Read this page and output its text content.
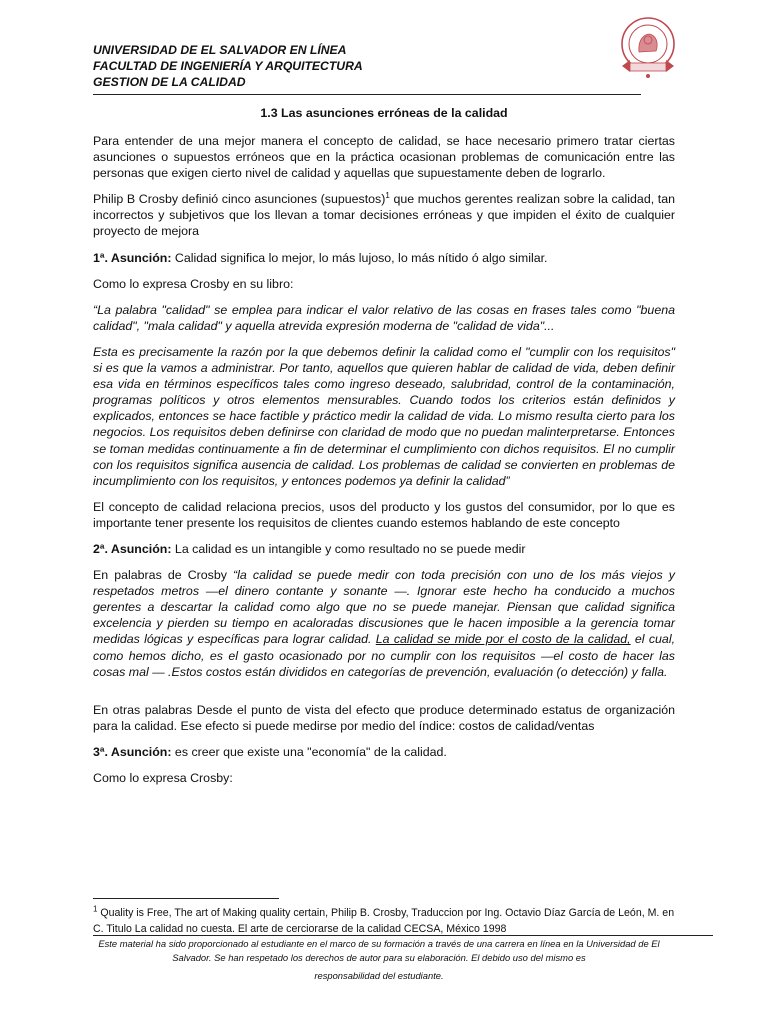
UNIVERSIDAD DE EL SALVADOR EN LÍNEA
FACULTAD DE INGENIERÍA Y ARQUITECTURA
GESTION DE LA CALIDAD
1.3 Las asunciones erróneas de la calidad

Para entender de una mejor manera el concepto de calidad, se hace necesario primero tratar ciertas asunciones o supuestos erróneos que en la práctica ocasionan problemas de comunicación entre las personas que exigen cierto nivel de calidad y aquellas que supuestamente deben de lograrlo.

Philip B Crosby definió cinco asunciones (supuestos)$^1$ que muchos gerentes realizan sobre la calidad, tan incorrectos y subjetivos que los llevan a tomar decisiones erróneas y que impiden el éxito de cualquier proyecto de mejora

1ª. Asunción: Calidad significa lo mejor, lo más lujoso, lo más nítido ó algo similar.

Como lo expresa Crosby en su libro:

“La palabra "calidad" se emplea para indicar el valor relativo de las cosas en frases tales como "buena calidad", "mala calidad" y aquella atrevida expresión moderna de "calidad de vida"...

Esta es precisamente la razón por la que debemos definir la calidad como el "cumplir con los requisitos" si es que la vamos a administrar. Por tanto, aquellos que quieren hablar de calidad de vida, deben definir esa vida en términos específicos tales como ingreso deseado, salubridad, control de la contaminación, programas políticos y otros elementos mensurables. Cuando todos los criterios están definidos y explicados, entonces se hace factible y práctico medir la calidad de vida. Lo mismo resulta cierto para los negocios. Los requisitos deben definirse con claridad de modo que no puedan malinterpretarse. Entonces se toman medidas continuamente a fin de determinar el cumplimiento con dichos requisitos. El no cumplir con los requisitos significa ausencia de calidad. Los problemas de calidad se convierten en problemas de incumplimiento con los requisitos, y entonces podemos ya definir la calidad”

El concepto de calidad relaciona precios, usos del producto y los gustos del consumidor, por lo que es importante tener presente los requisitos de clientes cuando estemos hablando de este concepto

2ª. Asunción: La calidad es un intangible y como resultado no se puede medir

En palabras de Crosby “la calidad se puede medir con toda precisión con uno de los más viejos y respetados metros —el dinero contante y sonante —. Ignorar este hecho ha conducido a muchos gerentes a descartar la calidad como algo que no se puede manejar. Piensan que calidad significa excelencia y pierden su tiempo en acaloradas discusiones que le hacen imposible a la gerencia tomar medidas lógicas y específicas para lograr calidad. La calidad se mide por el costo de la calidad, el cual, como hemos dicho, es el gasto ocasionado por no cumplir con los requisitos —el costo de hacer las cosas mal — .Estos costos están divididos en categorías de prevención, evaluación (o detección) y falla.

En otras palabras Desde el punto de vista del efecto que produce determinado estatus de organización para la calidad. Ese efecto si puede medirse por medio del índice: costos de calidad/ventas

3ª. Asunción: es creer que existe una "economía" de la calidad.

Como lo expresa Crosby:

$^1$ Quality is Free, The art of Making quality certain, Philip B. Crosby, Traduccion por Ing. Octavio Díaz García de León, M. en C. Titulo La calidad no cuesta. El arte de cerciorarse de la calidad CECSA, México 1998
Este material ha sido proporcionado al estudiante en el marco de su formación a través de una carrera en línea en la Universidad de El Salvador. Se han respetado los derechos de autor para su elaboración. El debido uso del mismo es
responsabilidad del estudiante.
